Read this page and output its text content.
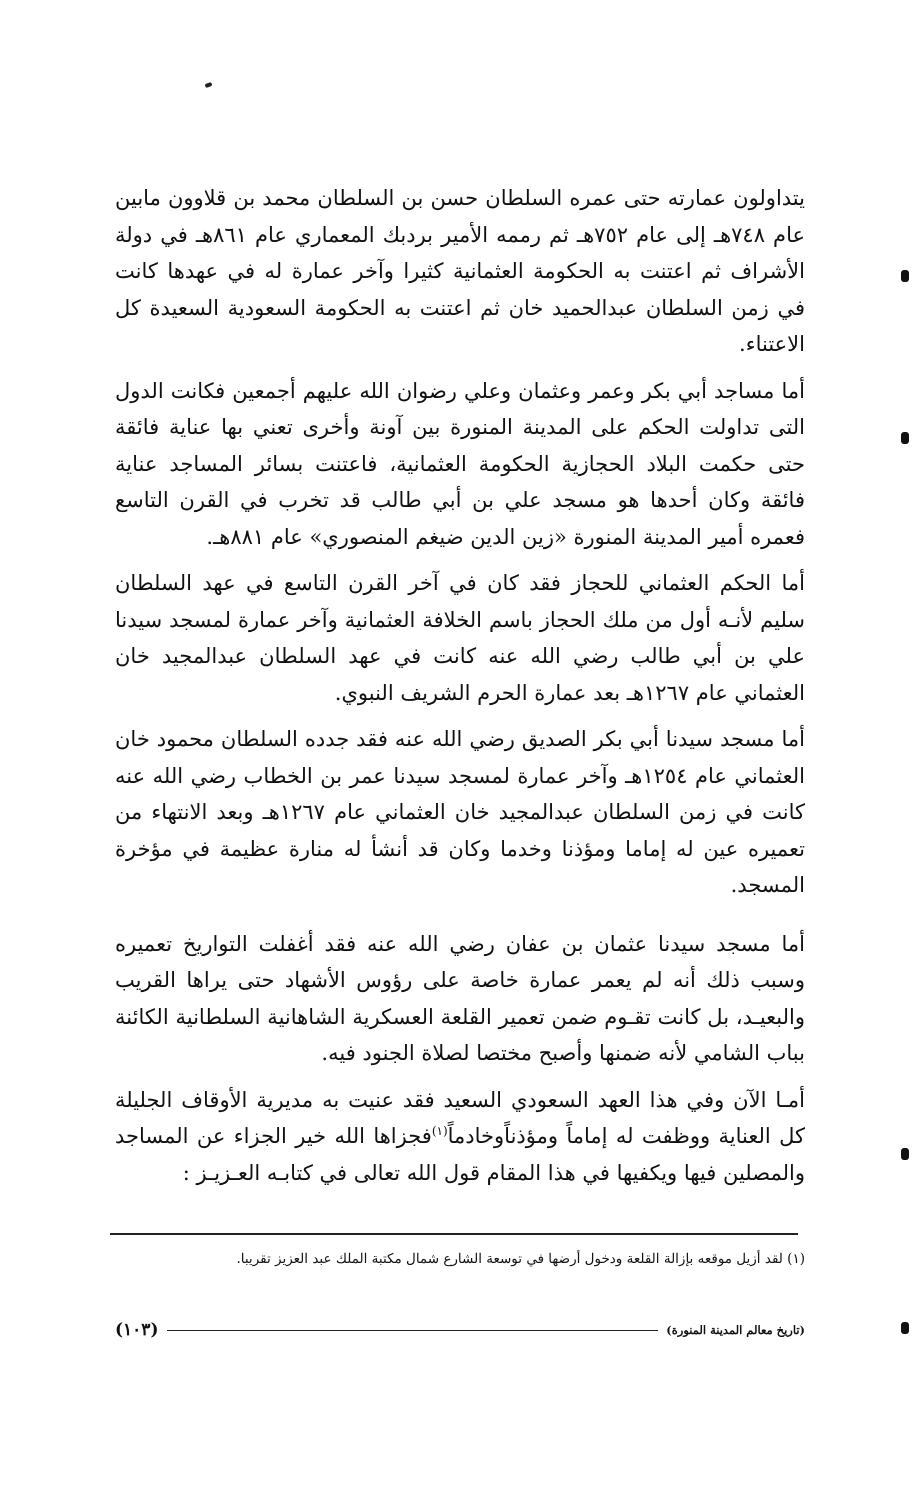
يتداولون عمارته حتى عمره السلطان حسن بن السلطان محمد بن قلاوون مابين عام ٧٤٨هـ إلى عام ٧٥٢هـ ثم رممه الأمير بردبك المعماري عام ٨٦١هـ في دولة الأشراف ثم اعتنت به الحكومة العثمانية كثيرا وآخر عمارة له في عهدها كانت في زمن السلطان عبدالحميد خان ثم اعتنت به الحكومة السعودية السعيدة كل الاعتناء.

أما مساجد أبي بكر وعمر وعثمان وعلي رضوان الله عليهم أجمعين فكانت الدول التى تداولت الحكم على المدينة المنورة بين آونة وأخرى تعني بها عناية فائقة حتى حكمت البلاد الحجازية الحكومة العثمانية، فاعتنت بسائر المساجد عناية فائقة وكان أحدها هو مسجد علي بن أبي طالب قد تخرب في القرن التاسع فعمره أمير المدينة المنورة «زين الدين ضيغم المنصوري» عام ٨٨١هـ.

أما الحكم العثماني للحجاز فقد كان في آخر القرن التاسع في عهد السلطان سليم لأنـه أول من ملك الحجاز باسم الخلافة العثمانية وآخر عمارة لمسجد سيدنا علي بن أبي طالب رضي الله عنه كانت في عهد السلطان عبدالمجيد خان العثماني عام ١٢٦٧هـ بعد عمارة الحرم الشريف النبوي.

أما مسجد سيدنا أبي بكر الصديق رضي الله عنه فقد جدده السلطان محمود خان العثماني عام ١٢٥٤هـ وآخر عمارة لمسجد سيدنا عمر بن الخطاب رضي الله عنه كانت في زمن السلطان عبدالمجيد خان العثماني عام ١٢٦٧هـ وبعد الانتهاء من تعميره عين له إماما ومؤذنا وخدما وكان قد أنشأ له منارة عظيمة في مؤخرة المسجد.

أما مسجد سيدنا عثمان بن عفان رضي الله عنه فقد أغفلت التواريخ تعميره وسبب ذلك أنه لم يعمر عمارة خاصة على رؤوس الأشهاد حتى يراها القريب والبعيـد، بل كانت تقـوم ضمن تعمير القلعة العسكرية الشاهانية السلطانية الكائنة بباب الشامي لأنه ضمنها وأصبح مختصا لصلاة الجنود فيه.

أمـا الآن وفي هذا العهد السعودي السعيد فقد عنيت به مديرية الأوقاف الجليلة كل العناية ووظفت له إماماً ومؤذناًوخادماً$^{(١)}$فجزاها الله خير الجزاء عن المساجد والمصلين فيها ويكفيها في هذا المقام قول الله تعالى في كتابـه العـزيـز :

(١) لقد أزيل موقعه بإزالة القلعة ودخول أرضها في توسعة الشارع شمال مكتبة الملك عبد العزيز تقريبا.
(تاريخ معالم المدينة المنورة)
(١٠٣)
